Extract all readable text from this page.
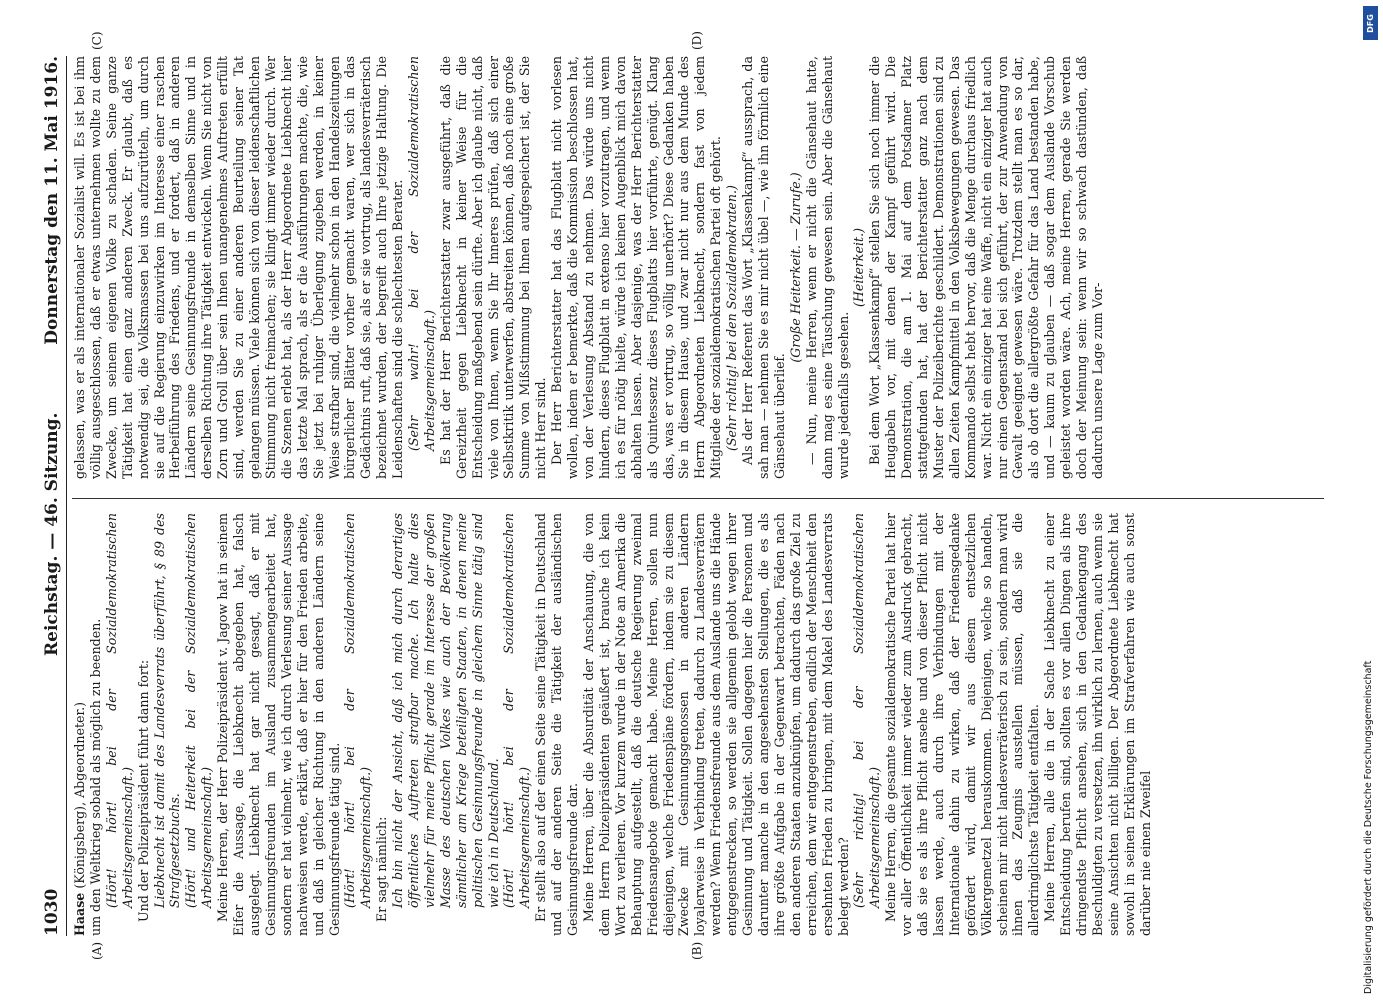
1030
Reichstag. — 46. Sitzung.
Donnerstag den 11. Mai 1916.
(A)	(B)
(C)	(D)

Haase (Königsberg), Abgeordneter.) um den Weltkrieg sobald als möglich zu beenden. (Hört! hört! bei der Sozialdemokratischen Arbeitsgemeinschaft.) Und der Polizeipräsident führt dann fort: Liebknecht ist damit des Landesverrats überführt, § 89 des Strafgesetzbuchs. (Hört! und Heiterkeit bei der Sozialdemokratischen Arbeitsgemeinschaft.) Meine Herren, der Herr Polizeipräsident v. Jagow hat in seinem Eifer die Aussage, die Liebknecht abgegeben hat, falsch ausgelegt. Liebknecht hat gar nicht gesagt, daß er mit Gesinnungsfreunden im Ausland zusammengearbeitet hat, sondern er hat vielmehr, wie ich durch Verlesung seiner Aussage nachweisen werde, erklärt, daß er hier für den Frieden arbeite, und daß in gleicher Richtung in den anderen Ländern seine Gesinnungsfreunde tätig sind. (Hört! hört! bei der Sozialdemokratischen Arbeitsgemeinschaft.) Er sagt nämlich: Ich bin nicht der Ansicht, daß ich mich durch derartiges öffentliches Auftreten strafbar mache. Ich halte dies vielmehr für meine Pflicht gerade im Interesse der großen Masse des deutschen Volkes wie auch der Bevölkerung sämtlicher am Kriege beteiligten Staaten, in denen meine politischen Gesinnungsfreunde in gleichem Sinne tätig sind wie ich in Deutschland. (Hört! hört! bei der Sozialdemokratischen Arbeitsgemeinschaft.) Er stellt also auf der einen Seite seine Tätigkeit in Deutschland und auf der anderen Seite die Tätigkeit der ausländischen Gesinnungsfreunde dar. Meine Herren, über die Absurdität der Anschauung, die von dem Herrn Polizeipräsidenten geäußert ist, brauche ich kein Wort zu verlieren. Vor kurzem wurde in der Note an Amerika die Behauptung aufgestellt, daß die deutsche Regierung zweimal Friedensangebote gemacht habe. Meine Herren, sollen nun diejenigen, welche Friedenspläne fördern, indem sie zu diesem Zwecke mit Gesinnungsgenossen in anderen Ländern loyalerweise in Verbindung treten, dadurch zu Landesverrätern werden? Wenn Friedensfreunde aus dem Auslande uns die Hände entgegenstrecken, so werden sie allgemein gelobt wegen ihrer Gesinnung und Tätigkeit. Sollen dagegen hier die Personen und darunter manche in den angesehensten Stellungen, die es als ihre größte Aufgabe in der Gegenwart betrachten, Fäden nach den anderen Staaten anzuknüpfen, um dadurch das große Ziel zu erreichen, dem wir entgegenstreben, endlich der Menschheit den ersehnten Frieden zu bringen, mit dem Makel des Landesverrats belegt werden? (Sehr richtig! bei der Sozialdemokratischen Arbeitsgemeinschaft.) Meine Herren, die gesamte sozialdemokratische Partei hat hier vor aller Öffentlichkeit immer wieder zum Ausdruck gebracht, daß sie es als ihre Pflicht ansehe und von dieser Pflicht nicht lassen werde, auch durch ihre Verbindungen mit der Internationale dahin zu wirken, daß der Friedensgedanke gefördert wird, damit wir aus diesem entsetzlichen Völkergemetzel herauskommen. Diejenigen, welche so handeln, scheinen mir nicht landesverräterisch zu sein, sondern man wird ihnen das Zeugnis ausstellen müssen, daß sie die allerdringlichste Tätigkeit entfalten. Meine Herren, alle die in der Sache Liebknecht zu einer Entscheidung berufen sind, sollten es vor allen Dingen als ihre dringendste Pflicht ansehen, sich in den Gedankengang des Beschuldigten zu versetzen, ihn wirklich zu lernen, auch wenn sie seine Ansichten nicht billigen. Der Abgeordnete Liebknecht hat sowohl in seinen Erklärungen im Strafverfahren wie auch sonst darüber nie einen Zweifel

gelassen, was er als internationaler Sozialist will. Es ist bei ihm völlig ausgeschlossen, daß er etwas unternehmen wollte zu dem Zwecke, um seinem eigenen Volke zu schaden. Seine ganze Tätigkeit hat einen ganz anderen Zweck. Er glaubt, daß es notwendig sei, die Volksmassen bei uns aufzurütteln, um durch sie auf die Regierung einzuwirken im Interesse einer raschen Herbeiführung des Friedens, und er fordert, daß in anderen Ländern seine Gesinnungsfreunde in demselben Sinne und in derselben Richtung ihre Tätigkeit entwickeln. Wenn Sie nicht von Zorn und Groll über sein Ihnen unangenehmes Auftreten erfüllt sind, werden Sie zu einer anderen Beurteilung seiner Tat gelangen müssen. Viele können sich von dieser leidenschaftlichen Stimmung nicht freimachen; sie klingt immer wieder durch. Wer die Szenen erlebt hat, als der Herr Abgeordnete Liebknecht hier das letzte Mal sprach, als er die Ausführungen machte, die, wie Sie jetzt bei ruhiger Überlegung zugeben werden, in keiner Weise strafbar sind, die vielmehr schon in den Handelszeitungen bürgerlicher Blätter vorher gemacht waren, wer sich in das Gedächtnis ruft, daß sie, als er sie vortrug, als landesverräterisch bezeichnet wurden, der begreift auch Ihre jetzige Haltung. Die Leidenschaften sind die schlechtesten Berater. (Sehr wahr! bei der Sozialdemokratischen Arbeitsgemeinschaft.) Es hat der Herr Berichterstatter zwar ausgeführt, daß die Gereiztheit gegen Liebknecht in keiner Weise für die Entscheidung maßgebend sein dürfte. Aber ich glaube nicht, daß viele von Ihnen, wenn Sie Ihr Inneres prüfen, daß sich einer Selbstkritik unterwerfen, abstreiten können, daß noch eine große Summe von Mißstimmung bei Ihnen aufgespeichert ist, der Sie nicht Herr sind. Der Herr Berichterstatter hat das Flugblatt nicht vorlesen wollen, indem er bemerkte, daß die Kommission beschlossen hat, von der Verlesung Abstand zu nehmen. Das würde uns nicht hindern, dieses Flugblatt in extenso hier vorzutragen, und wenn ich es für nötig hielte, würde ich keinen Augenblick mich davon abhalten lassen. Aber dasjenige, was der Herr Berichterstatter als Quintessenz dieses Flugblatts hier vorführte, genügt. Klang das, was er vortrug, so völlig unerhört? Diese Gedanken haben Sie in diesem Hause, und zwar nicht nur aus dem Munde des Herrn Abgeordneten Liebknecht, sondern fast von jedem Mitgliede der sozialdemokratischen Partei oft gehört. (Sehr richtig! bei den Sozialdemokraten.) Als der Herr Referent das Wort „Klassenkampf“ aussprach, da sah man — nehmen Sie es mir nicht übel —, wie ihn förmlich eine Gänsehaut überlief.

(Große Heiterkeit. — Zurufe.) — Nun, meine Herren, wenn er nicht die Gänsehaut hatte, dann mag es eine Täuschung gewesen sein. Aber die Gänsehaut wurde jedenfalls gesehen.

(Heiterkeit.) Bei dem Wort „Klassenkampf“ stellen Sie sich noch immer die Heugabeln vor, mit denen der Kampf geführt wird. Die Demonstration, die am 1. Mai auf dem Potsdamer Platz stattgefunden hat, hat der Berichterstatter ganz nach dem Muster der Polizeiberichte geschildert. Demonstrationen sind zu allen Zeiten Kampfmittel in den Volksbewegungen gewesen. Das Kommando selbst hebt hervor, daß die Menge durchaus friedlich war. Nicht ein einziger hat eine Waffe, nicht ein einziger hat auch nur einen Gegenstand bei sich geführt, der zur Anwendung von Gewalt geeignet gewesen wäre. Trotzdem stellt man es so dar, als ob dort die allergrößte Gefahr für das Land bestanden habe, und — kaum zu glauben — daß sogar dem Auslande Vorschub geleistet worden wäre. Ach, meine Herren, gerade Sie werden doch der Meinung sein: wenn wir so schwach dastünden, daß dadurch unsere Lage zum Vor-

DFG
Digitalisierung gefördert durch die Deutsche Forschungsgemeinschaft
